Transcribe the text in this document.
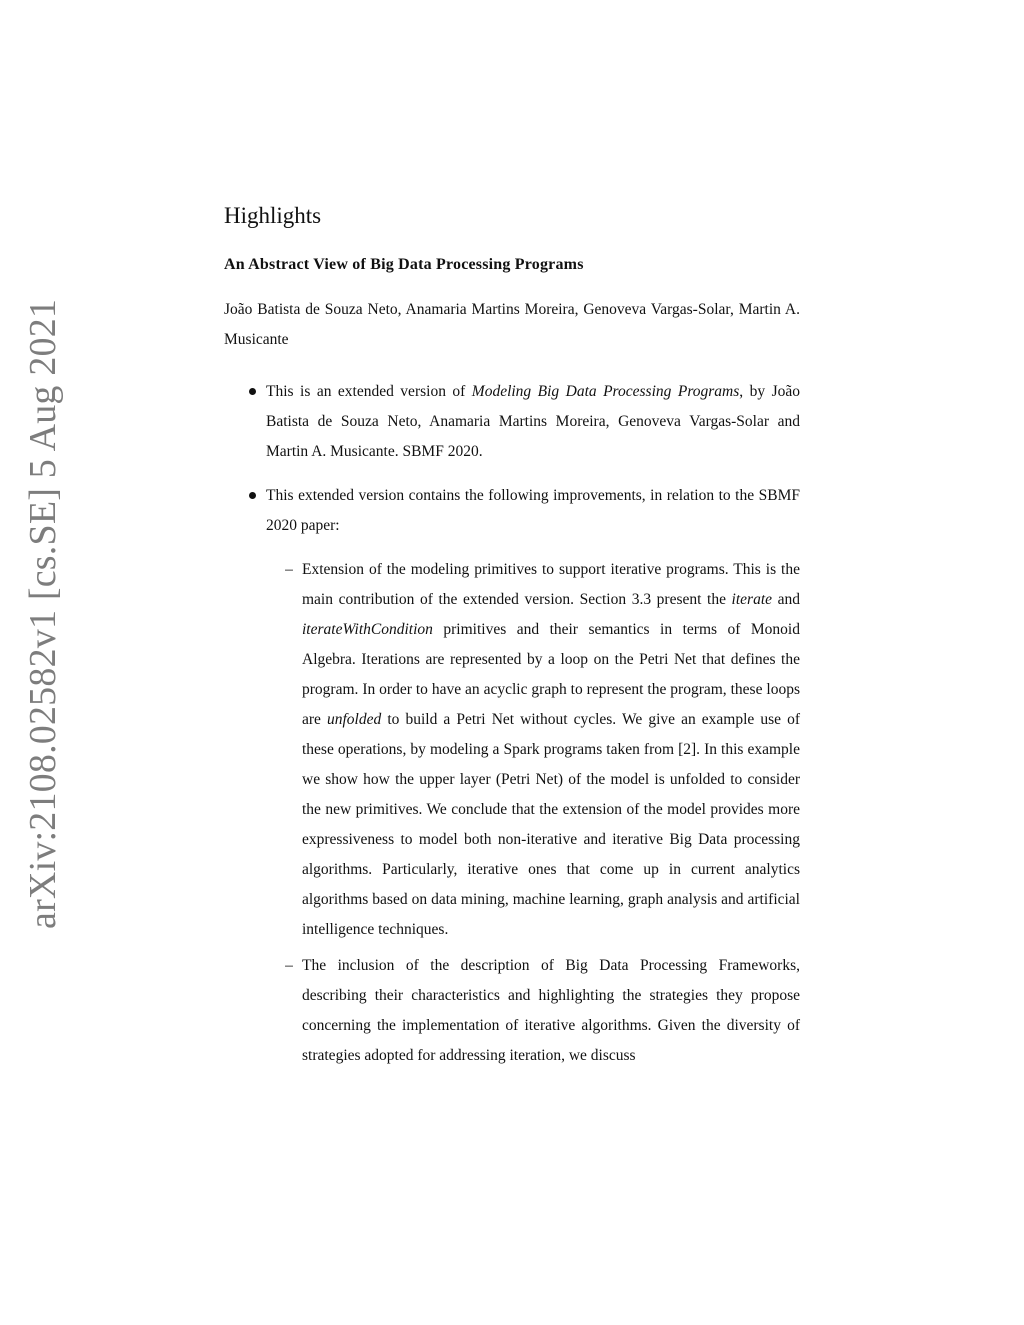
arXiv:2108.02582v1 [cs.SE] 5 Aug 2021
Highlights
An Abstract View of Big Data Processing Programs

João Batista de Souza Neto, Anamaria Martins Moreira, Genoveva Vargas-Solar, Martin A. Musicante

This is an extended version of Modeling Big Data Processing Programs, by João Batista de Souza Neto, Anamaria Martins Moreira, Genoveva Vargas-Solar and Martin A. Musicante. SBMF 2020.
This extended version contains the following improvements, in relation to the SBMF 2020 paper:
– Extension of the modeling primitives to support iterative programs. This is the main contribution of the extended version. Section 3.3 present the iterate and iterateWithCondition primitives and their semantics in terms of Monoid Algebra. Iterations are represented by a loop on the Petri Net that defines the program. In order to have an acyclic graph to represent the program, these loops are unfolded to build a Petri Net without cycles. We give an example use of these operations, by modeling a Spark programs taken from [2]. In this example we show how the upper layer (Petri Net) of the model is unfolded to consider the new primitives. We conclude that the extension of the model provides more expressiveness to model both non-iterative and iterative Big Data processing algorithms. Particularly, iterative ones that come up in current analytics algorithms based on data mining, machine learning, graph analysis and artificial intelligence techniques.
– The inclusion of the description of Big Data Processing Frameworks, describing their characteristics and highlighting the strategies they propose concerning the implementation of iterative algorithms. Given the diversity of strategies adopted for addressing iteration, we discuss
